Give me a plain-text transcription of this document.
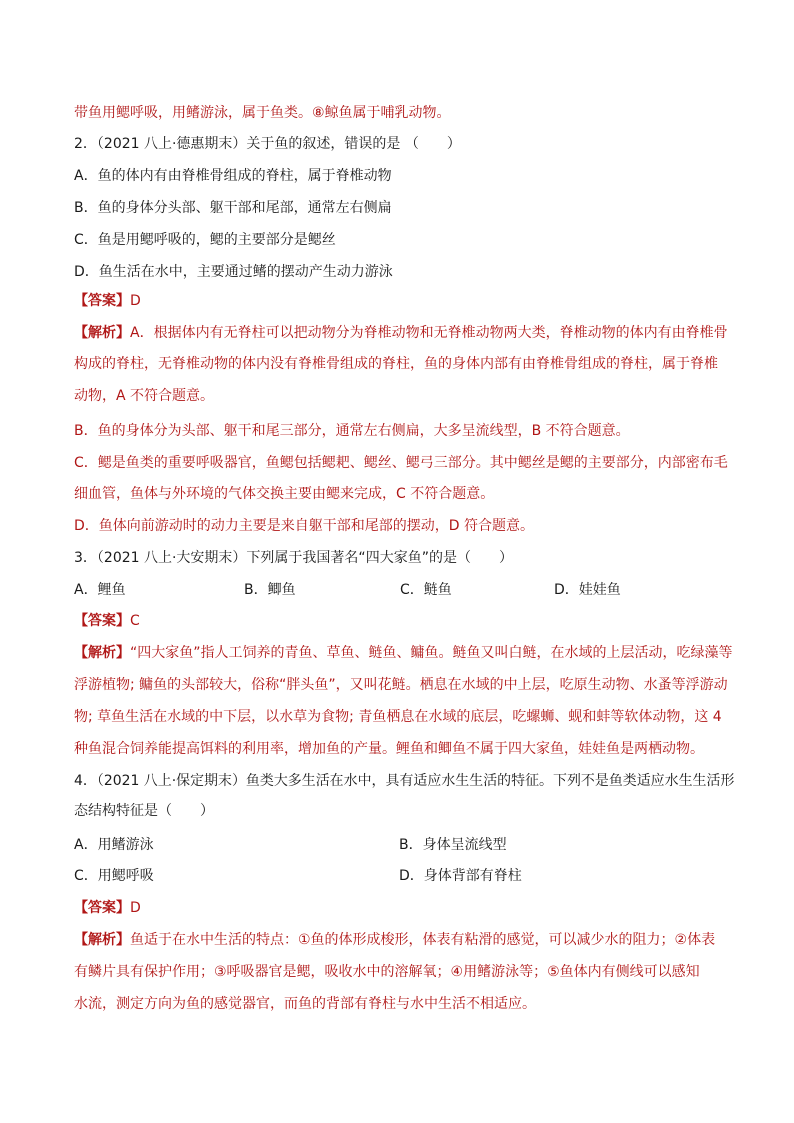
带鱼用鳃呼吸，用鳍游泳，属于鱼类。⑧鲸鱼属于哺乳动物。
2．（2021 八上·德惠期末）关于鱼的叙述，错误的是 （　　）
A．鱼的体内有由脊椎骨组成的脊柱，属于脊椎动物
B．鱼的身体分头部、躯干部和尾部，通常左右侧扁
C．鱼是用鳃呼吸的，鳃的主要部分是鳃丝
D．鱼生活在水中，主要通过鳍的摆动产生动力游泳
【答案】D
【解析】A．根据体内有无脊柱可以把动物分为脊椎动物和无脊椎动物两大类，脊椎动物的体内有由脊椎骨
构成的脊柱，无脊椎动物的体内没有脊椎骨组成的脊柱，鱼的身体内部有由脊椎骨组成的脊柱，属于脊椎
动物，A 不符合题意。
B．鱼的身体分为头部、躯干和尾三部分，通常左右侧扁，大多呈流线型，B 不符合题意。
C．鳃是鱼类的重要呼吸器官，鱼鳃包括鳃耙、鳃丝、鳃弓三部分。其中鳃丝是鳃的主要部分，内部密布毛
细血管，鱼体与外环境的气体交换主要由鳃来完成，C 不符合题意。
D．鱼体向前游动时的动力主要是来自躯干部和尾部的摆动，D 符合题意。
3．（2021 八上·大安期末）下列属于我国著名“四大家鱼”的是（　　）
A．鲤鱼	B．鲫鱼	C．鲢鱼	D．娃娃鱼
【答案】C
【解析】“四大家鱼”指人工饲养的青鱼、草鱼、鲢鱼、鳙鱼。鲢鱼又叫白鲢，在水域的上层活动，吃绿藻等
浮游植物; 鳙鱼的头部较大，俗称“胖头鱼”，又叫花鲢。栖息在水域的中上层，吃原生动物、水蚤等浮游动
物; 草鱼生活在水域的中下层，以水草为食物; 青鱼栖息在水域的底层，吃螺蛳、蚬和蚌等软体动物，这 4
种鱼混合饲养能提高饵料的利用率，增加鱼的产量。鲤鱼和鲫鱼不属于四大家鱼，娃娃鱼是两栖动物。
4．（2021 八上·保定期末）鱼类大多生活在水中，具有适应水生生活的特征。下列不是鱼类适应水生生活形
态结构特征是（　　）
A．用鳍游泳	B．身体呈流线型
C．用鳃呼吸	D．身体背部有脊柱
【答案】D
【解析】鱼适于在水中生活的特点：①鱼的体形成梭形，体表有粘滑的感觉，可以减少水的阻力；②体表
有鳞片具有保护作用；③呼吸器官是鳃，吸收水中的溶解氧；④用鳍游泳等；⑤鱼体内有侧线可以感知
水流，测定方向为鱼的感觉器官，而鱼的背部有脊柱与水中生活不相适应。
